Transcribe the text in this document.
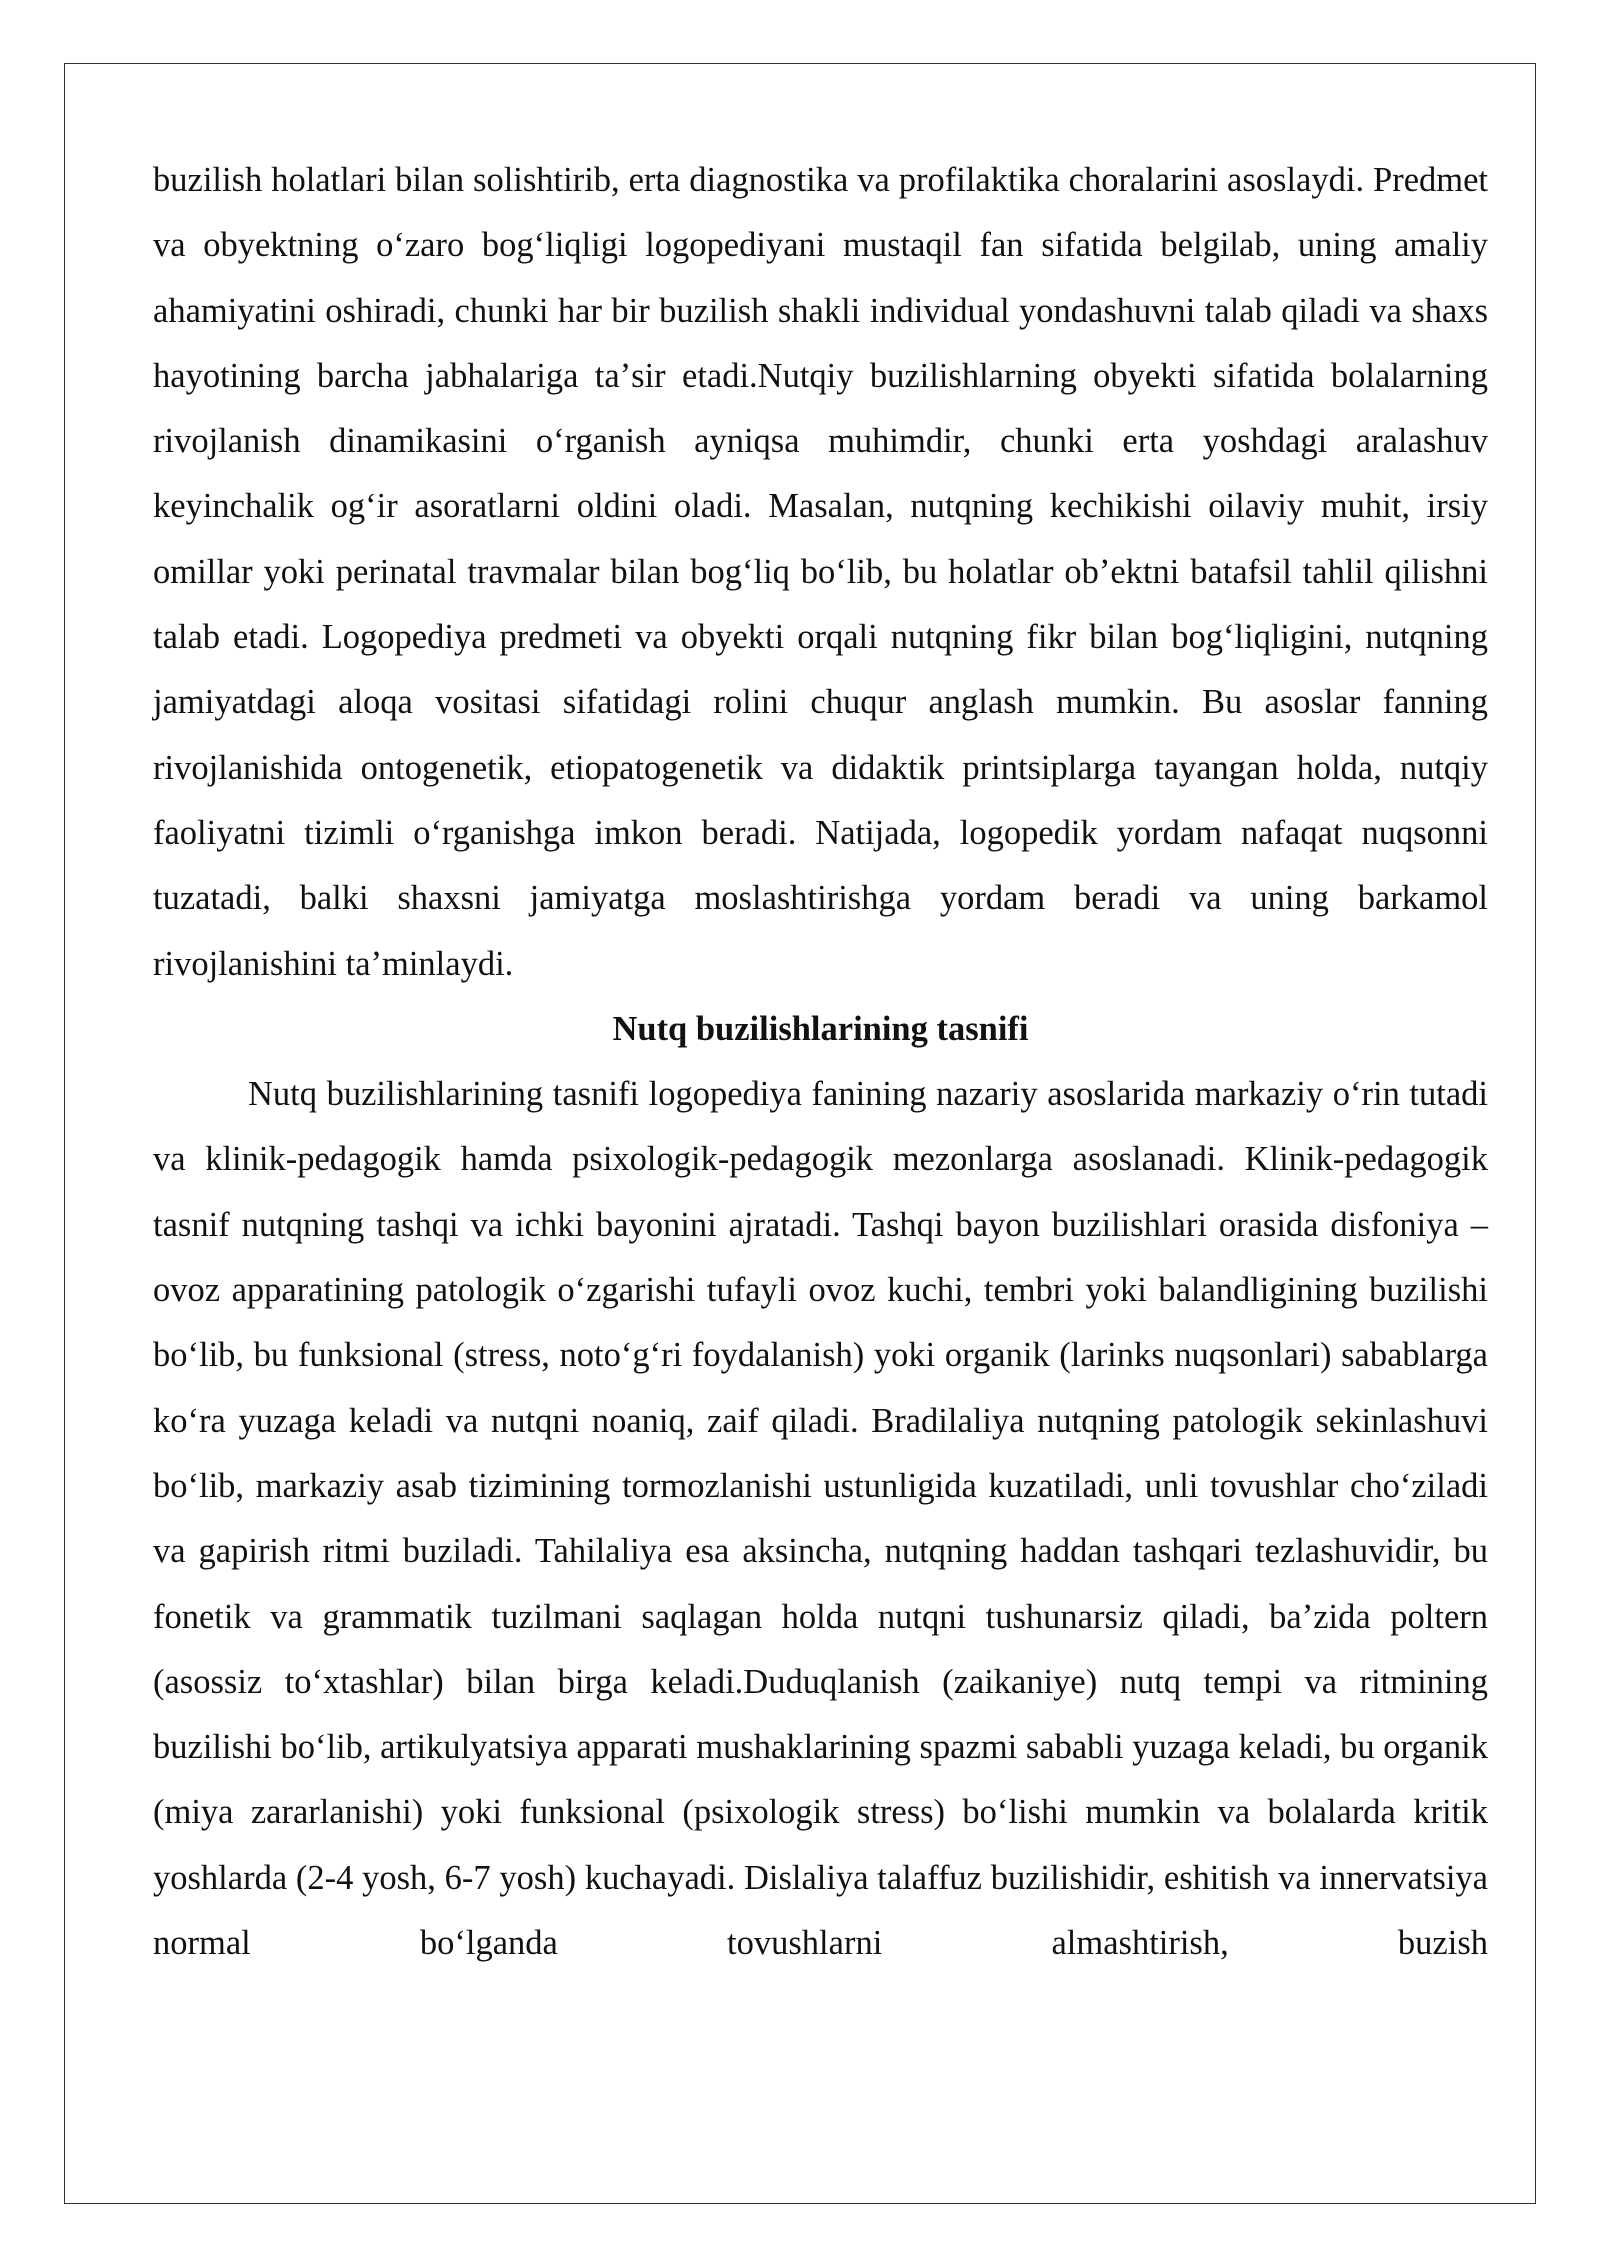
buzilish holatlari bilan solishtirib, erta diagnostika va profilaktika choralarini asoslaydi. Predmet va obyektning oʻzaro bogʻliqligi logopediyani mustaqil fan sifatida belgilab, uning amaliy ahamiyatini oshiradi, chunki har bir buzilish shakli individual yondashuvni talab qiladi va shaxs hayotining barcha jabhalariga taʼsir etadi.Nutqiy buzilishlarning obyekti sifatida bolalarning rivojlanish dinamikasini oʻrganish ayniqsa muhimdir, chunki erta yoshdagi aralashuv keyinchalik ogʻir asoratlarni oldini oladi. Masalan, nutqning kechikishi oilaviy muhit, irsiy omillar yoki perinatal travmalar bilan bogʻliq boʻlib, bu holatlar obʼektni batafsil tahlil qilishni talab etadi. Logopediya predmeti va obyekti orqali nutqning fikr bilan bogʻliqligini, nutqning jamiyatdagi aloqa vositasi sifatidagi rolini chuqur anglash mumkin. Bu asoslar fanning rivojlanishida ontogenetik, etiopatogenetik va didaktik printsiplarga tayangan holda, nutqiy faoliyatni tizimli oʻrganishga imkon beradi. Natijada, logopedik yordam nafaqat nuqsonni tuzatadi, balki shaxsni jamiyatga moslashtirishga yordam beradi va uning barkamol rivojlanishini taʼminlaydi.

Nutq buzilishlarining tasnifi

Nutq buzilishlarining tasnifi logopediya fanining nazariy asoslarida markaziy oʻrin tutadi va klinik-pedagogik hamda psixologik-pedagogik mezonlarga asoslanadi. Klinik-pedagogik tasnif nutqning tashqi va ichki bayonini ajratadi. Tashqi bayon buzilishlari orasida disfoniya – ovoz apparatining patologik oʻzgarishi tufayli ovoz kuchi, tembri yoki balandligining buzilishi boʻlib, bu funksional (stress, notoʻgʻri foydalanish) yoki organik (larinks nuqsonlari) sabablarga koʻra yuzaga keladi va nutqni noaniq, zaif qiladi. Bradilaliya nutqning patologik sekinlashuvi boʻlib, markaziy asab tizimining tormozlanishi ustunligida kuzatiladi, unli tovushlar choʻziladi va gapirish ritmi buziladi. Tahilaliya esa aksincha, nutqning haddan tashqari tezlashuvidir, bu fonetik va grammatik tuzilmani saqlagan holda nutqni tushunarsiz qiladi, baʼzida poltern (asossiz toʻxtashlar) bilan birga keladi.Duduqlanish (zaikaniye) nutq tempi va ritmining buzilishi boʻlib, artikulyatsiya apparati mushaklarining spazmi sababli yuzaga keladi, bu organik (miya zararlanishi) yoki funksional (psixologik stress) boʻlishi mumkin va bolalarda kritik yoshlarda (2-4 yosh, 6-7 yosh) kuchayadi. Dislaliya talaffuz buzilishidir, eshitish va innervatsiya normal boʻlganda tovushlarni almashtirish, buzish
